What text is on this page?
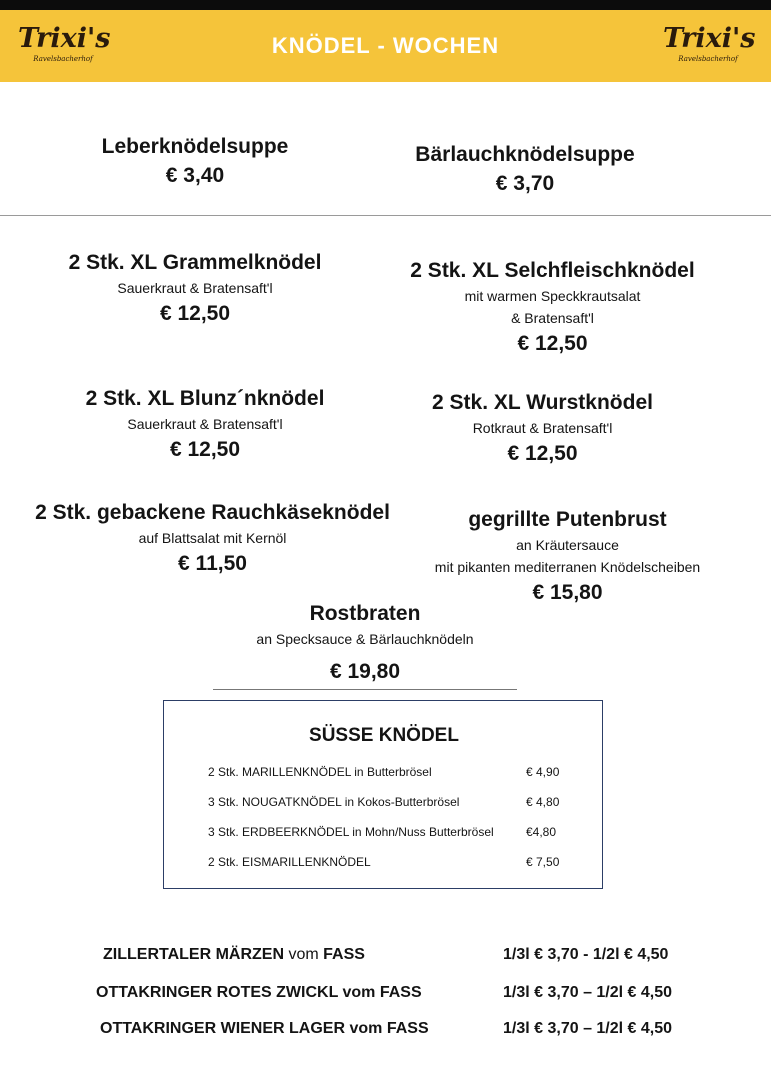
Trixi's
Ravelsbacherhof
KNÖDEL - WOCHEN	Trixi's
Ravelsbacherhof
Leberknödelsuppe
€ 3,40
Bärlauchknödelsuppe
€ 3,70
2 Stk. XL Grammelknödel
Sauerkraut & Bratensaft'l
€ 12,50
2 Stk. XL Selchfleischknödel
mit warmen Speckkrautsalat
& Bratensaft'l
€ 12,50
2 Stk. XL Blunz´nknödel
Sauerkraut & Bratensaft'l
€ 12,50
2 Stk. XL Wurstknödel
Rotkraut & Bratensaft'l
€ 12,50
2 Stk. gebackene Rauchkäseknödel
auf Blattsalat mit Kernöl
€ 11,50
gegrillte Putenbrust
an Kräutersauce
mit pikanten mediterranen Knödelscheiben
€ 15,80
Rostbraten
an Specksauce & Bärlauchknödeln
€ 19,80
SÜSSE KNÖDEL
2 Stk. MARILLENKNÖDEL in Butterbrösel	€ 4,90
3 Stk. NOUGATKNÖDEL in Kokos-Butterbrösel	€ 4,80
3 Stk. ERDBEERKNÖDEL in Mohn/Nuss Butterbrösel	€4,80
2 Stk. EISMARILLENKNÖDEL	€ 7,50
ZILLERTALER MÄRZEN vom FASS	1/3l € 3,70 - 1/2l € 4,50
OTTAKRINGER ROTES ZWICKL vom FASS	1/3l € 3,70 – 1/2l € 4,50
OTTAKRINGER WIENER LAGER vom FASS	1/3l € 3,70 – 1/2l € 4,50
